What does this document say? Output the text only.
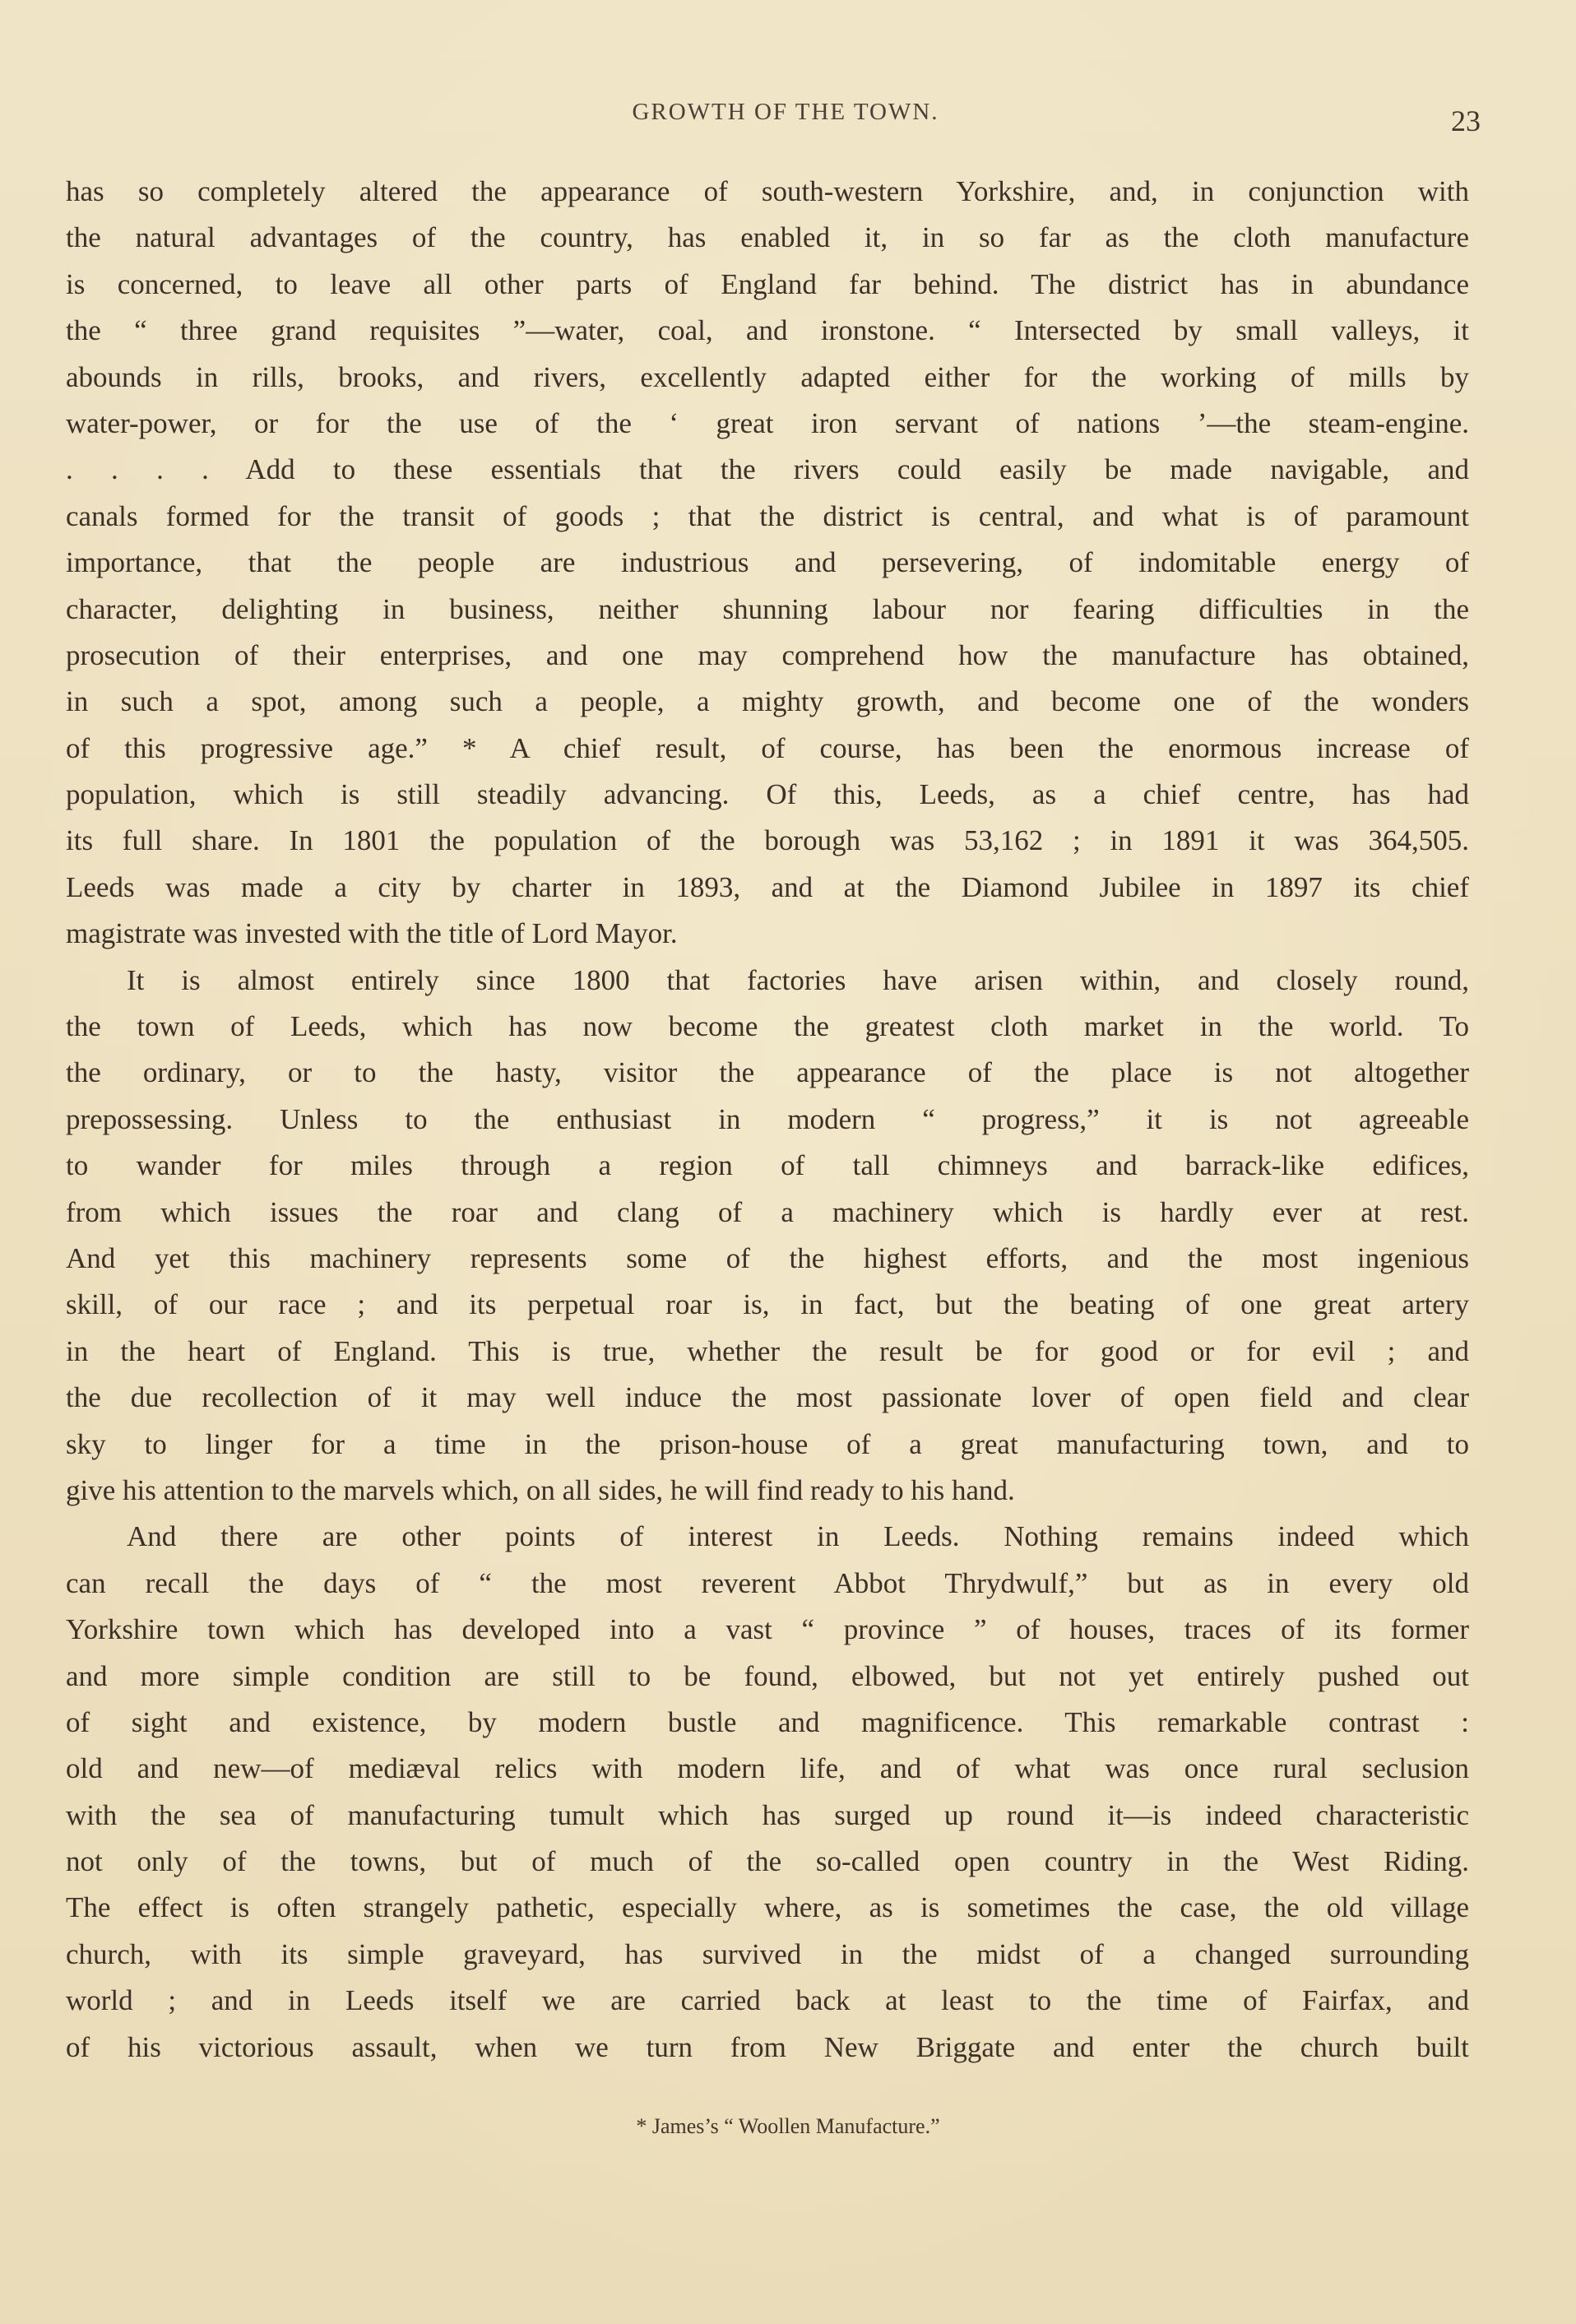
GROWTH OF THE TOWN.	23
has so completely altered the appearance of south-western Yorkshire, and, in conjunction with
the natural advantages of the country, has enabled it, in so far as the cloth manufacture
is concerned, to leave all other parts of England far behind. The district has in abundance
the “ three grand requisites ”—water, coal, and ironstone. “ Intersected by small valleys, it
abounds in rills, brooks, and rivers, excellently adapted either for the working of mills by
water-power, or for the use of the ‘ great iron servant of nations ’—the steam-engine.
. . . . Add to these essentials that the rivers could easily be made navigable, and
canals formed for the transit of goods ; that the district is central, and what is of paramount
importance, that the people are industrious and persevering, of indomitable energy of
character, delighting in business, neither shunning labour nor fearing difficulties in the
prosecution of their enterprises, and one may comprehend how the manufacture has obtained,
in such a spot, among such a people, a mighty growth, and become one of the wonders
of this progressive age.” * A chief result, of course, has been the enormous increase of
population, which is still steadily advancing. Of this, Leeds, as a chief centre, has had
its full share. In 1801 the population of the borough was 53,162 ; in 1891 it was 364,505.
Leeds was made a city by charter in 1893, and at the Diamond Jubilee in 1897 its chief
magistrate was invested with the title of Lord Mayor.
It is almost entirely since 1800 that factories have arisen within, and closely round,
the town of Leeds, which has now become the greatest cloth market in the world. To
the ordinary, or to the hasty, visitor the appearance of the place is not altogether
prepossessing. Unless to the enthusiast in modern “ progress,” it is not agreeable
to wander for miles through a region of tall chimneys and barrack-like edifices,
from which issues the roar and clang of a machinery which is hardly ever at rest.
And yet this machinery represents some of the highest efforts, and the most ingenious
skill, of our race ; and its perpetual roar is, in fact, but the beating of one great artery
in the heart of England. This is true, whether the result be for good or for evil ; and
the due recollection of it may well induce the most passionate lover of open field and clear
sky to linger for a time in the prison-house of a great manufacturing town, and to
give his attention to the marvels which, on all sides, he will find ready to his hand.
And there are other points of interest in Leeds. Nothing remains indeed which
can recall the days of “ the most reverent Abbot Thrydwulf,” but as in every old
Yorkshire town which has developed into a vast “ province ” of houses, traces of its former
and more simple condition are still to be found, elbowed, but not yet entirely pushed out
of sight and existence, by modern bustle and magnificence. This remarkable contrast :
old and new—of mediæval relics with modern life, and of what was once rural seclusion
with the sea of manufacturing tumult which has surged up round it—is indeed characteristic
not only of the towns, but of much of the so-called open country in the West Riding.
The effect is often strangely pathetic, especially where, as is sometimes the case, the old village
church, with its simple graveyard, has survived in the midst of a changed surrounding
world ; and in Leeds itself we are carried back at least to the time of Fairfax, and
of his victorious assault, when we turn from New Briggate and enter the church built
* James’s “ Woollen Manufacture.”
